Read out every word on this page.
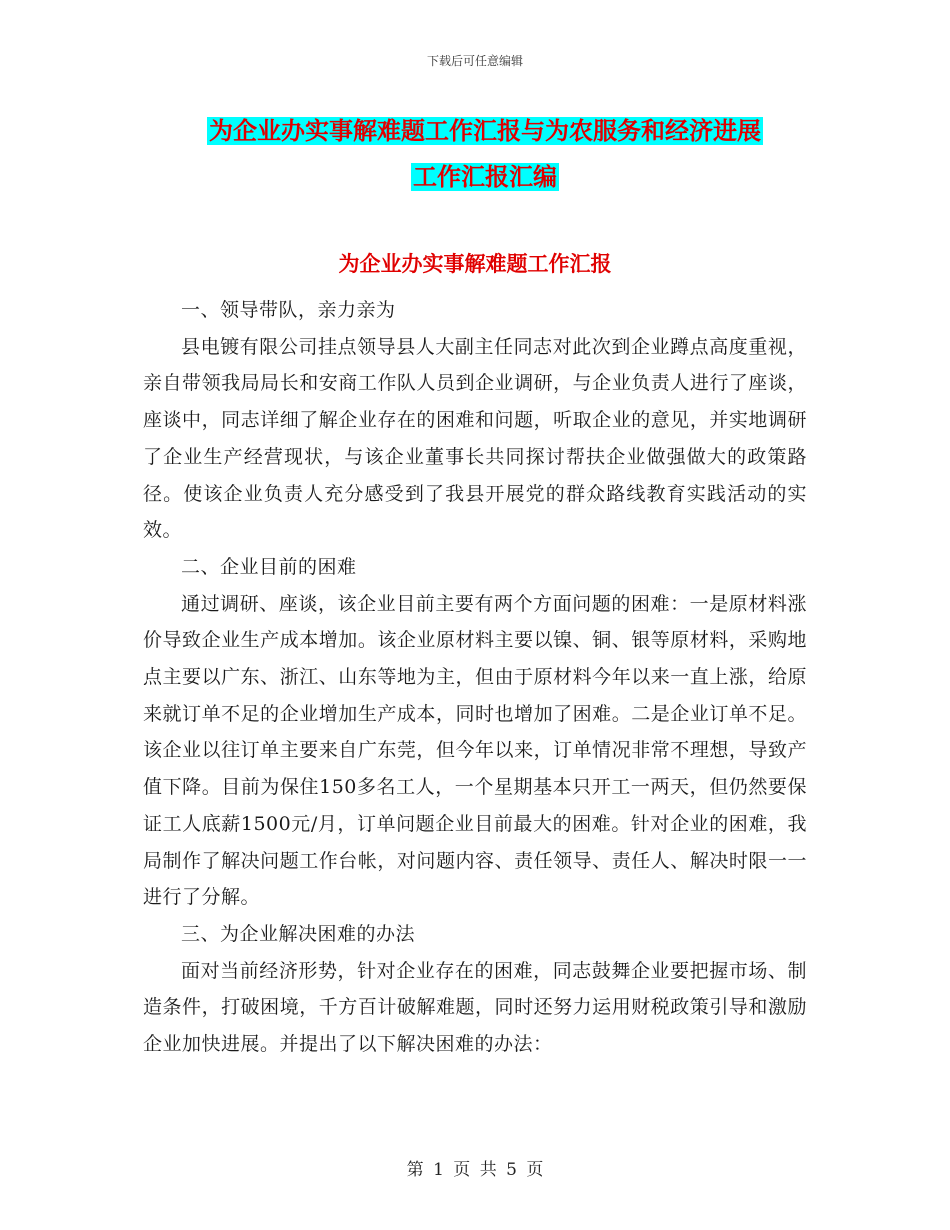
下载后可任意编辑
为企业办实事解难题工作汇报与为农服务和经济进展
工作汇报汇编
为企业办实事解难题工作汇报

一、领导带队，亲力亲为

县电镀有限公司挂点领导县人大副主任同志对此次到企业蹲点高度重视，亲自带领我局局长和安商工作队人员到企业调研，与企业负责人进行了座谈，座谈中，同志详细了解企业存在的困难和问题，听取企业的意见，并实地调研了企业生产经营现状，与该企业董事长共同探讨帮扶企业做强做大的政策路径。使该企业负责人充分感受到了我县开展党的群众路线教育实践活动的实效。

二、企业目前的困难

通过调研、座谈，该企业目前主要有两个方面问题的困难：一是原材料涨价导致企业生产成本增加。该企业原材料主要以镍、铜、银等原材料，采购地点主要以广东、浙江、山东等地为主，但由于原材料今年以来一直上涨，给原来就订单不足的企业增加生产成本，同时也增加了困难。二是企业订单不足。该企业以往订单主要来自广东莞，但今年以来，订单情况非常不理想，导致产值下降。目前为保住150多名工人，一个星期基本只开工一两天，但仍然要保证工人底薪1500元/月，订单问题企业目前最大的困难。针对企业的困难，我局制作了解决问题工作台帐，对问题内容、责任领导、责任人、解决时限一一进行了分解。

三、为企业解决困难的办法

面对当前经济形势，针对企业存在的困难，同志鼓舞企业要把握市场、制造条件，打破困境，千方百计破解难题，同时还努力运用财税政策引导和激励企业加快进展。并提出了以下解决困难的办法：

第 1 页 共 5 页
